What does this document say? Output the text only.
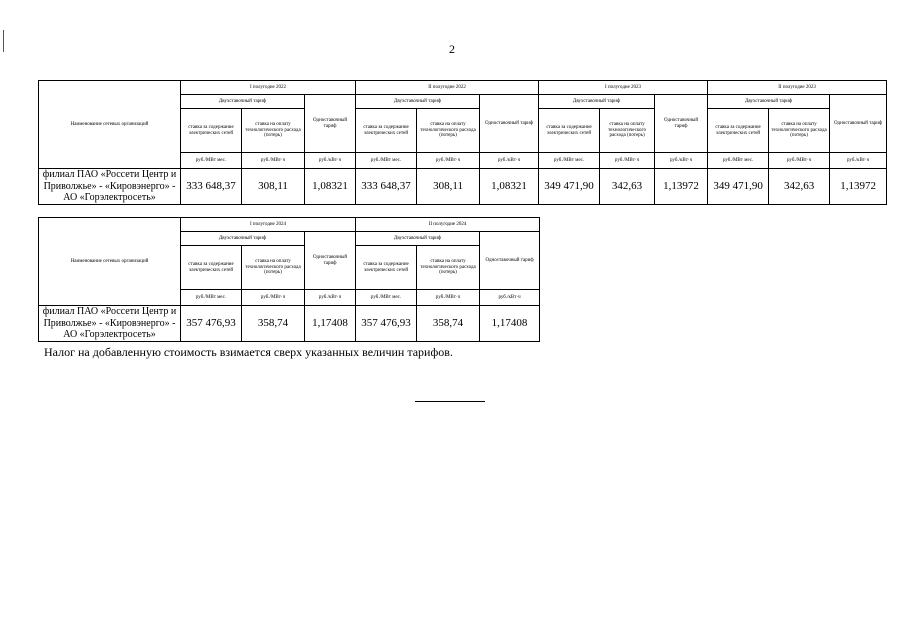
2
Наименование сетевых организаций	I полугодие 2022			II полугодие 2022			I полугодие 2023			II полугодие 2023		
	Двухставочный тариф		Одноставочный тариф	Двухставочный тариф		Одноставочный тариф	Двухставочный тариф		Одноставочный тариф	Двухставочный тариф		Одноставочный тариф
	ставка за содержание электрических сетей	ставка на оплату технологического расхода (потерь)		ставка за содержание электрических сетей	ставка на оплату технологического расхода (потерь)		ставка за содержание электрических сетей	ставка на оплату технологического расхода (потерь)		ставка за содержание электрических сетей	ставка на оплату технологического расхода (потерь)	
	руб./МВт мес.	руб./МВт·ч	руб./кВт·ч	руб./МВт мес.	руб./МВт·ч	руб./кВт·ч	руб./МВт мес.	руб./МВт·ч	руб./кВт·ч	руб./МВт мес.	руб./МВт·ч	руб./кВт·ч
филиал ПАО «Россети Центр и Приволжье» - «Кировэнерго» - АО «Горэлектросеть»	333 648,37	308,11	1,08321	333 648,37	308,11	1,08321	349 471,90	342,63	1,13972	349 471,90	342,63	1,13972
Наименование сетевых организаций	I полугодие 2024			II полугодие 2024		
	Двухставочный тариф		Одноставочный тариф	Двухставочный тариф		Одноставочный тариф
	ставка за содержание электрических сетей	ставка на оплату технологического расхода (потерь)		ставка за содержание электрических сетей	ставка на оплату технологического расхода (потерь)	
	руб./МВт мес.	руб./МВт·ч	руб./кВт·ч	руб./МВт мес.	руб./МВт·ч	руб./кВт·ч
филиал ПАО «Россети Центр и Приволжье» - «Кировэнерго» - АО «Горэлектросеть»	357 476,93	358,74	1,17408	357 476,93	358,74	1,17408
Налог на добавленную стоимость взимается сверх указанных величин тарифов.
